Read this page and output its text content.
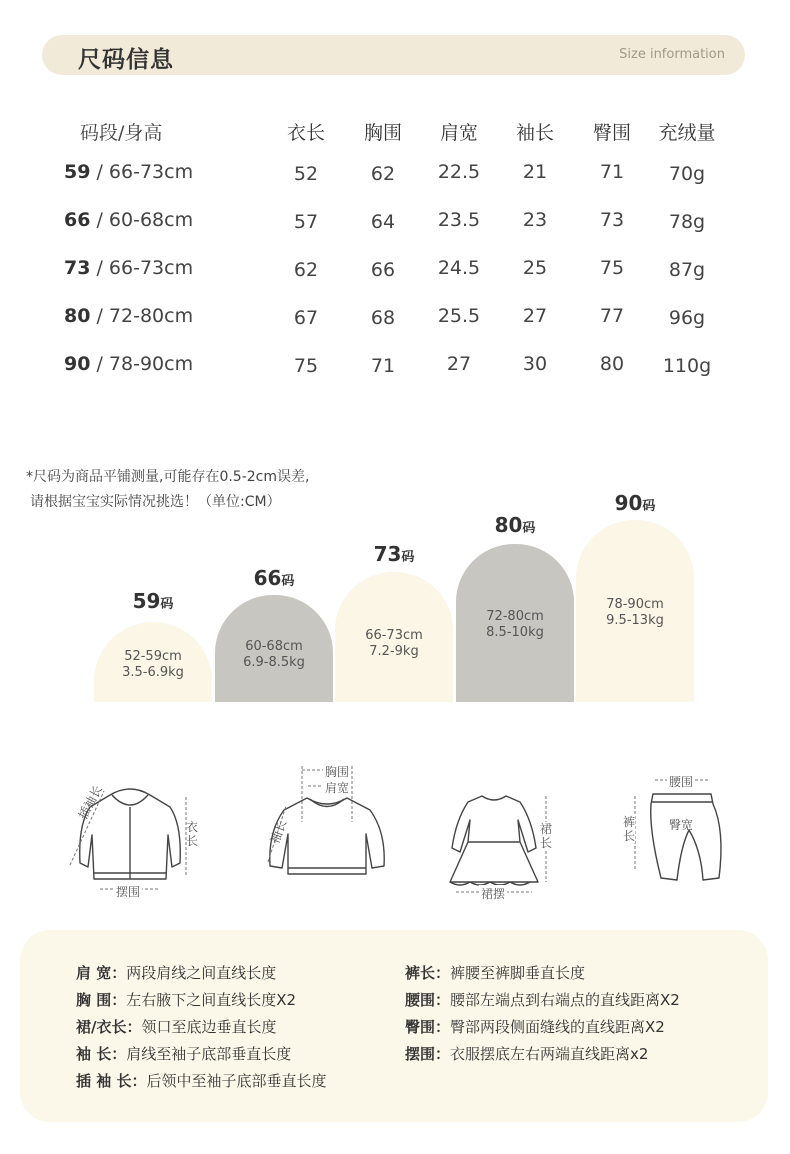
尺码信息	Size information
码段/身高	衣长	胸围	肩宽	袖长	臀围	充绒量
59 / 66-73cm	52	62	22.5	21	71	70g
66 / 60-68cm	57	64	23.5	23	73	78g
73 / 66-73cm	62	66	24.5	25	75	87g
80 / 72-80cm	67	68	25.5	27	77	96g
90 / 78-90cm	75	71	27	30	80	110g
*尺码为商品平铺测量,可能存在0.5-2cm误差,
请根据宝宝实际情况挑选！（单位:CM）
59码
66码
73码
80码
90码
52-59cm
3.5-6.9kg
60-68cm
6.9-8.5kg
66-73cm
7.2-9kg
72-80cm
8.5-10kg
78-90cm
9.5-13kg
插袖长
衣长
摆围
胸围
肩宽
袖长	裙长
裙摆
腰围
臀宽
裤长
肩 宽：两段肩线之间直线长度
胸 围：左右腋下之间直线长度X2
裙/衣长：领口至底边垂直长度
袖 长：肩线至袖子底部垂直长度
插 袖 长：后领中至袖子底部垂直长度
裤长：裤腰至裤脚垂直长度
腰围：腰部左端点到右端点的直线距离X2
臀围：臀部两段侧面缝线的直线距离X2
摆围：衣服摆底左右两端直线距离x2
